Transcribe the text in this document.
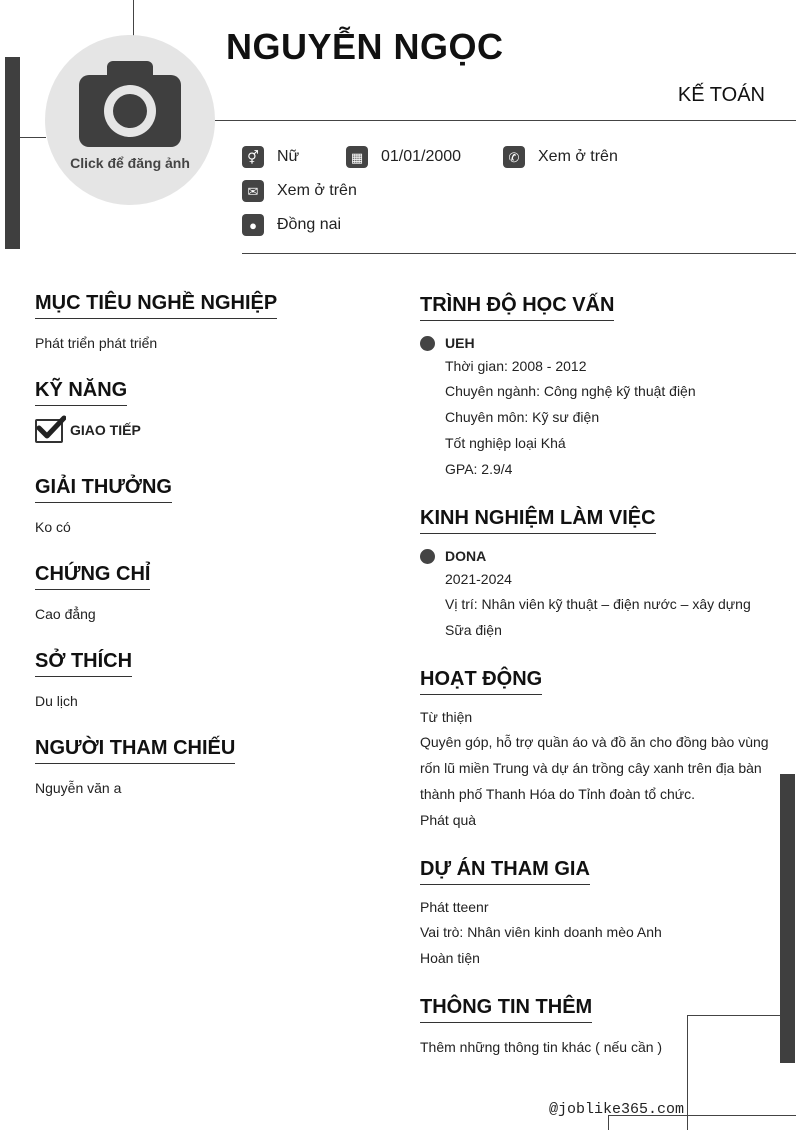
Click để đăng ảnh
NGUYỄN NGỌC
KẾ TOÁN
⚥	Nữ	▦	01/01/2000	✆	Xem ở trên
✉	Xem ở trên
●	Đồng nai
MỤC TIÊU NGHỀ NGHIỆP
Phát triển phát triển
KỸ NĂNG
GIAO TIẾP
GIẢI THƯỞNG
Ko có
CHỨNG CHỈ
Cao đẳng
SỞ THÍCH
Du lịch
NGƯỜI THAM CHIẾU
Nguyễn văn a
TRÌNH ĐỘ HỌC VẤN
UEH
Thời gian: 2008 - 2012
Chuyên ngành: Công nghệ kỹ thuật điện
Chuyên môn: Kỹ sư điện
Tốt nghiệp loại Khá
GPA: 2.9/4
KINH NGHIỆM LÀM VIỆC
DONA
2021-2024
Vị trí: Nhân viên kỹ thuật – điện nước – xây dựng
Sữa điện
HOẠT ĐỘNG
Từ thiện
Quyên góp, hỗ trợ quần áo và đồ ăn cho đồng bào vùng
rốn lũ miền Trung và dự án trồng cây xanh trên địa bàn
thành phố Thanh Hóa do Tỉnh đoàn tổ chức.
Phát quà
DỰ ÁN THAM GIA
Phát tteenr
Vai trò: Nhân viên kinh doanh mèo Anh
Hoàn tiện
THÔNG TIN THÊM
Thêm những thông tin khác ( nếu cần )
@joblike365.com
